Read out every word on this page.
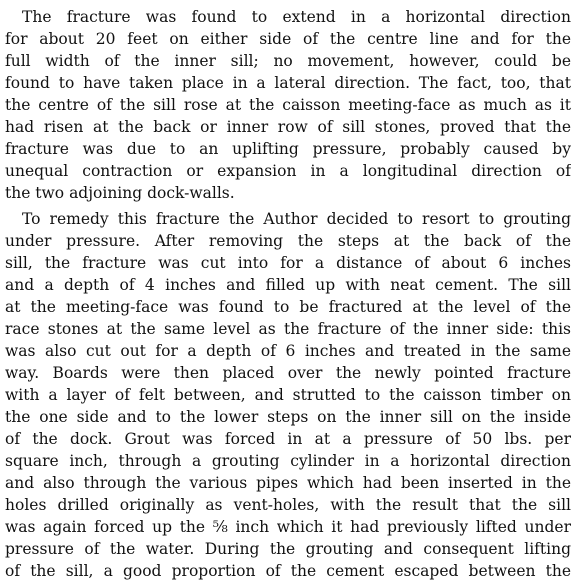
The fracture was found to extend in a horizontal direction
for about 20 feet on either side of the centre line and for the
full width of the inner sill; no movement, however, could be
found to have taken place in a lateral direction. The fact, too, that
the centre of the sill rose at the caisson meeting-face as much as it
had risen at the back or inner row of sill stones, proved that the
fracture was due to an uplifting pressure, probably caused by
unequal contraction or expansion in a longitudinal direction of
the two adjoining dock-walls.
To remedy this fracture the Author decided to resort to grouting
under pressure. After removing the steps at the back of the
sill, the fracture was cut into for a distance of about 6 inches
and a depth of 4 inches and filled up with neat cement. The sill
at the meeting-face was found to be fractured at the level of the
race stones at the same level as the fracture of the inner side: this
was also cut out for a depth of 6 inches and treated in the same
way. Boards were then placed over the newly pointed fracture
with a layer of felt between, and strutted to the caisson timber on
the one side and to the lower steps on the inner sill on the inside
of the dock. Grout was forced in at a pressure of 50 lbs. per
square inch, through a grouting cylinder in a horizontal direction
and also through the various pipes which had been inserted in the
holes drilled originally as vent-holes, with the result that the sill
was again forced up the ⅝ inch which it had previously lifted under
pressure of the water. During the grouting and consequent lifting
of the sill, a good proportion of the cement escaped between the
